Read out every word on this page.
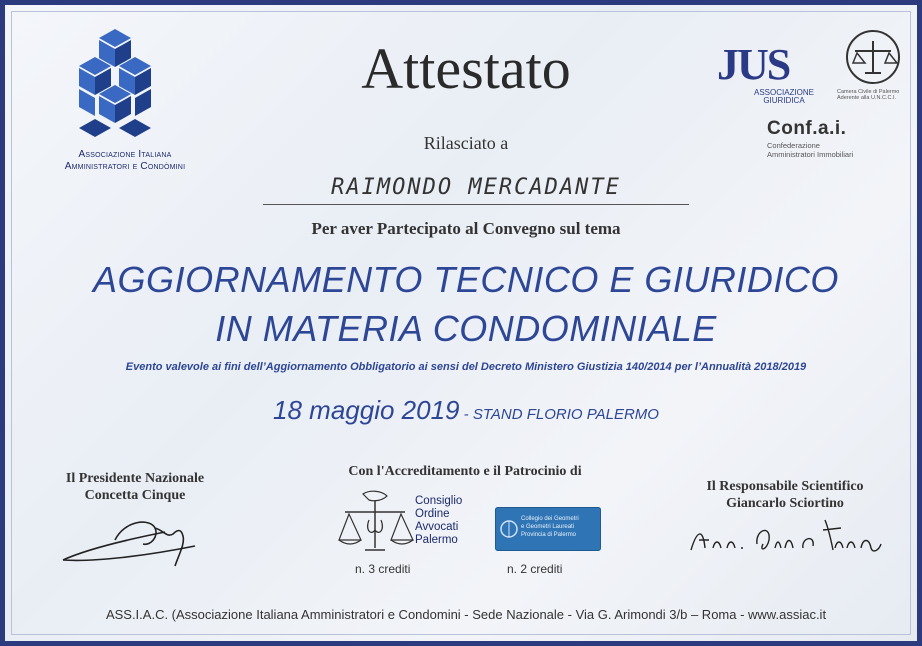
Associazione Italiana
Amministratori e Condòmini
Attestato
Rilasciato a
RAIMONDO MERCADANTE
Per aver Partecipato al Convegno sul tema
AGGIORNAMENTO TECNICO E GIURIDICO
IN MATERIA CONDOMINIALE
Evento valevole ai fini dell’Aggiornamento Obbligatorio ai sensi del Decreto Ministero Giustizia 140/2014 per l’Annualità 2018/2019
18 maggio 2019 - STAND FLORIO PALERMO
JUS
ASSOCIAZIONE
GIURIDICA
Camera Civile di Palermo
Aderente alla U.N.C.C.I.
Conf.a.i.
Confederazione
Amministratori Immobiliari
Il Presidente Nazionale
Concetta Cinque
Con l'Accreditamento e il Patrocinio di
Consiglio
Ordine
Avvocati
Palermo
Collegio dei Geometri
e Geometri Laureati
Provincia di Palermo
n. 3 crediti	n. 2 crediti
Il Responsabile Scientifico
Giancarlo Sciortino
ASS.I.A.C. (Associazione Italiana Amministratori e Condomini - Sede Nazionale - Via G. Arimondi 3/b – Roma - www.assiac.it
